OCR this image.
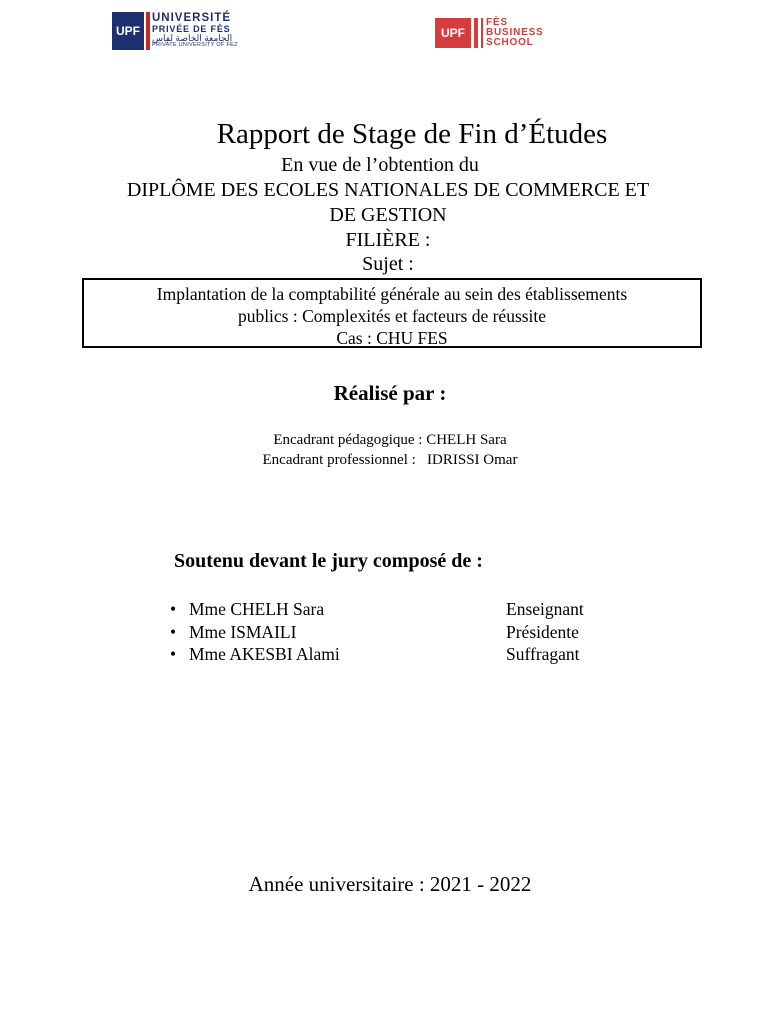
UPF
UNIVERSITÉ
PRIVÉE DE FÈS
الجامعة الخاصة لفاس
PRIVATE UNIVERSITY OF FEZ
UPF
FÈS
BUSINESS
SCHOOL
Rapport de Stage de Fin d’Études
En vue de l’obtention du
DIPLÔME DES ECOLES NATIONALES DE COMMERCE ET
DE GESTION
FILIÈRE :
Sujet :
Implantation de la comptabilité générale au sein des établissements
publics : Complexités et facteurs de réussite
Cas : CHU FES
Réalisé par :
Encadrant pédagogique : CHELH Sara
Encadrant professionnel :   IDRISSI Omar
Soutenu devant le jury composé de :
• Mme CHELH Sara	Enseignant
• Mme ISMAILI	Présidente
• Mme AKESBI Alami	Suffragant
Année universitaire : 2021 - 2022
